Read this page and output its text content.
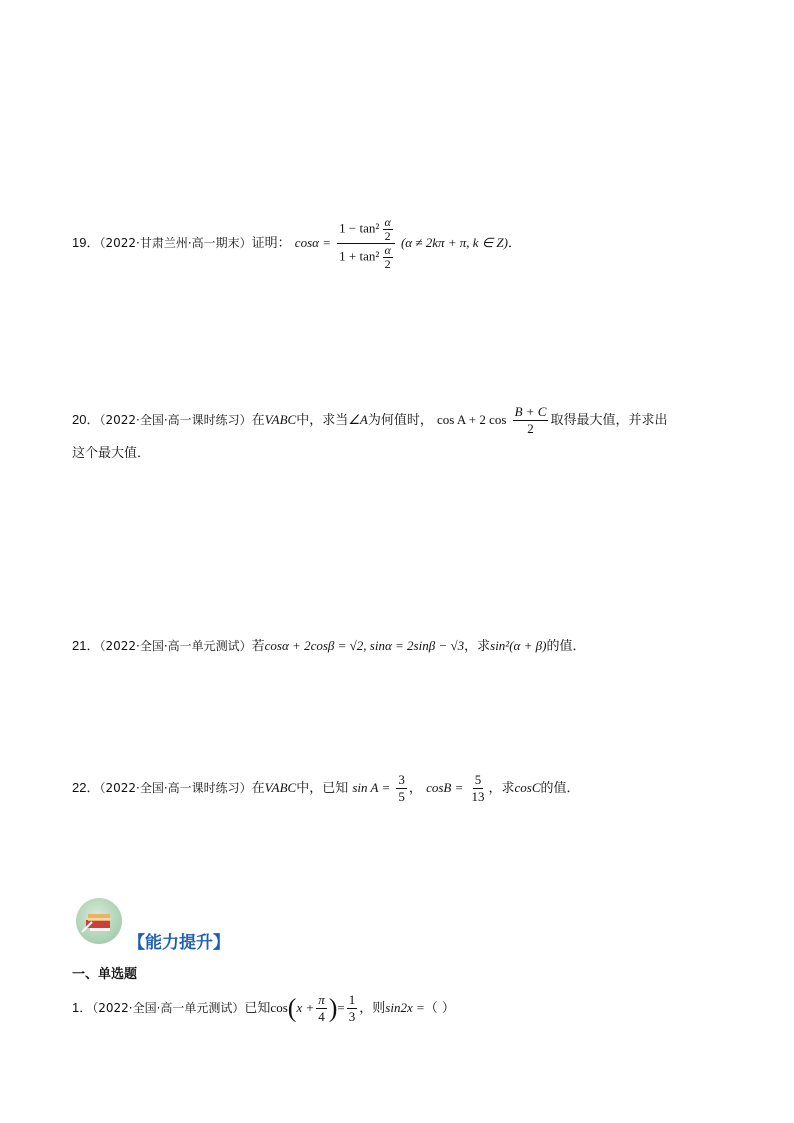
19．（2022·甘肃兰州·高一期末）证明： $\cos\alpha = \frac{1 - \tan^2 \frac{\alpha}{2}}{1 + \tan^2 \frac{\alpha}{2}} (\alpha \ne 2k\pi + \pi$, k ∈ Z)．
20．（2022·全国·高一课时练习）在VABC中，求当∠A为何值时， cos A + 2 $\cos \frac{B + C}{2}$ 取得最大值，并求出
这个最大值．
21．（2022·全国·高一单元测试）若cosα + 2cosβ = √2, sinα = 2sinβ − √3，求sin²(α + β)的值．
22．（2022·全国·高一课时练习）在VABC中，已知 $\sin A = \frac{3}{5}$ ， $\cos B = \frac{5}{13}$ ，求cosC的值．
【能力提升】
一、单选题
1．（2022·全国·高一单元测试）已知$\cos(x + \frac{\pi}{4}$ )= $\frac{1}{3}$ ，则sin2x =（ ）
